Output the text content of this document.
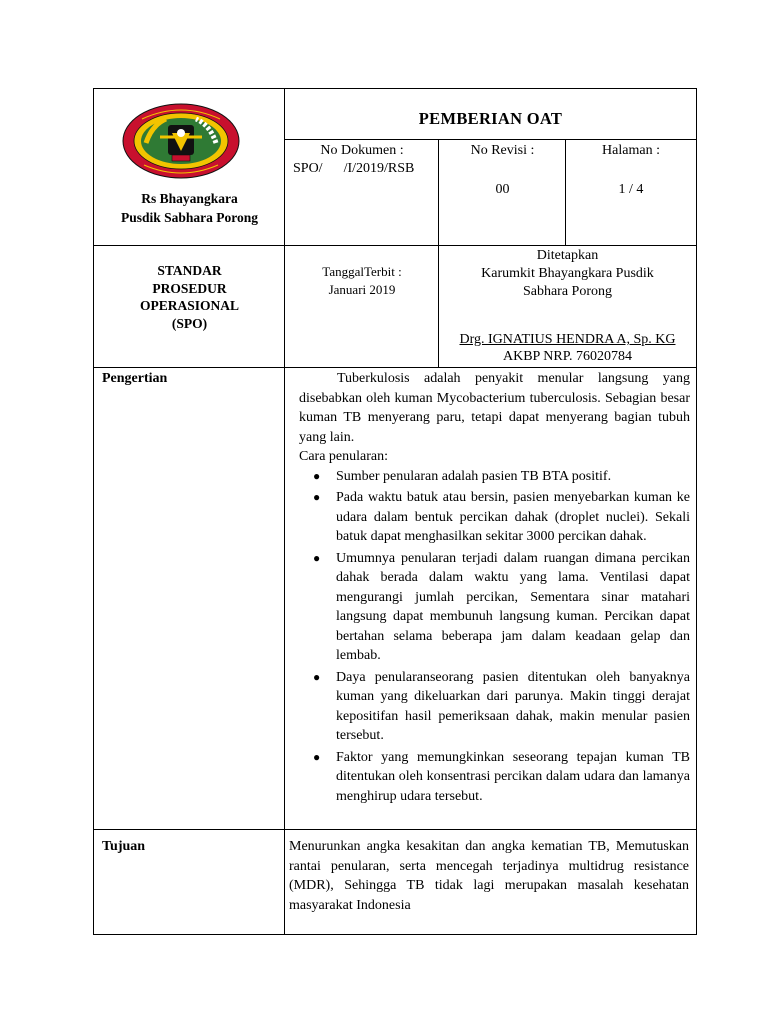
Rs Bhayangkara
Pusdik Sabhara Porong
PEMBERIAN OAT
No Dokumen :
SPO/      /I/2019/RSB
No Revisi :
00
Halaman :
1 / 4
STANDAR
PROSEDUR
OPERASIONAL
(SPO)
TanggalTerbit :
Januari 2019
Ditetapkan
Karumkit Bhayangkara Pusdik
Sabhara Porong
Drg. IGNATIUS HENDRA A, Sp. KG
AKBP NRP. 76020784
Pengertian	Tuberkulosis adalah penyakit menular langsung yang disebabkan oleh kuman Mycobacterium tuberculosis. Sebagian besar kuman TB menyerang paru, tetapi dapat menyerang bagian tubuh yang lain.

Cara penularan:

● Sumber penularan adalah pasien TB BTA positif.
● Pada waktu batuk atau bersin, pasien menyebarkan kuman ke udara dalam bentuk percikan dahak (droplet nuclei). Sekali batuk dapat menghasilkan sekitar 3000 percikan dahak.
● Umumnya penularan terjadi dalam ruangan dimana percikan dahak berada dalam waktu yang lama. Ventilasi dapat mengurangi jumlah percikan, Sementara sinar matahari langsung dapat membunuh langsung kuman. Percikan dapat bertahan selama beberapa jam dalam keadaan gelap dan lembab.
● Daya penularanseorang pasien ditentukan oleh banyaknya kuman yang dikeluarkan dari parunya. Makin tinggi derajat kepositifan hasil pemeriksaan dahak, makin menular pasien tersebut.
● Faktor yang memungkinkan seseorang tepajan kuman TB ditentukan oleh konsentrasi percikan dalam udara dan lamanya menghirup udara tersebut.
Tujuan	Menurunkan angka kesakitan dan angka kematian TB, Memutuskan rantai penularan, serta mencegah terjadinya multidrug resistance (MDR), Sehingga TB tidak lagi merupakan masalah kesehatan masyarakat Indonesia
